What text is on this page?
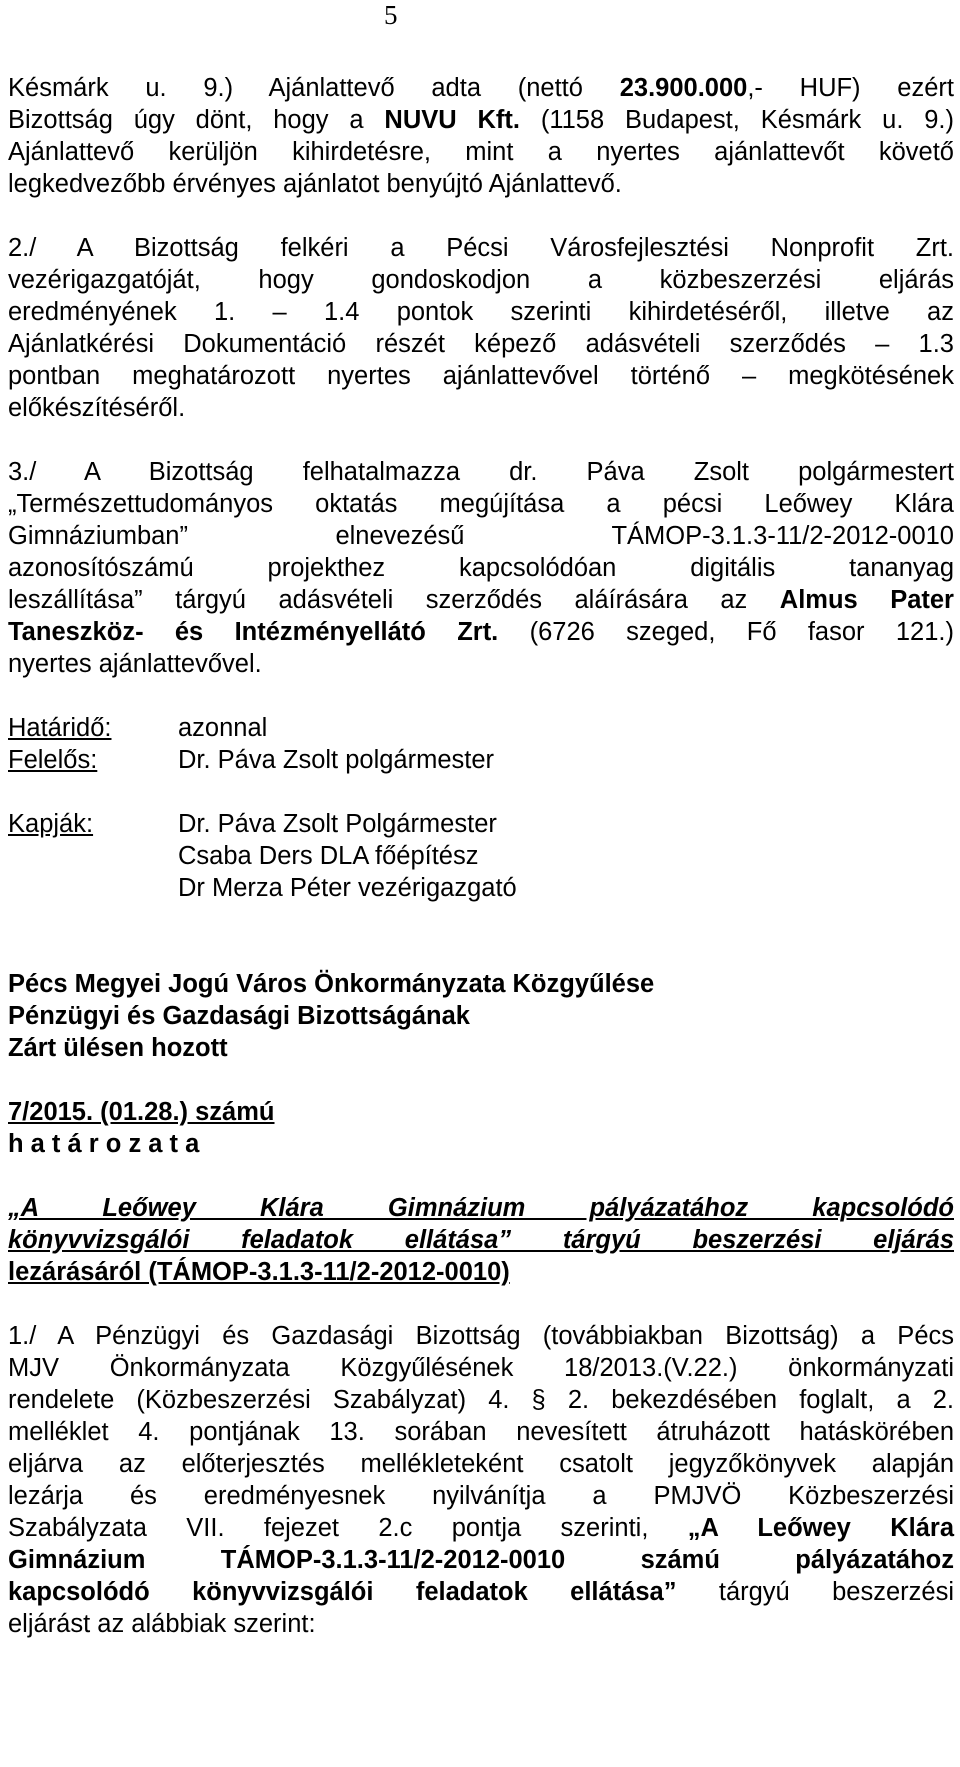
5
Késmárk u. 9.) Ajánlattevő adta (nettó 23.900.000,- HUF) ezért
Bizottság úgy dönt, hogy a NUVU Kft. (1158 Budapest, Késmárk u. 9.)
Ajánlattevő kerüljön kihirdetésre, mint a nyertes ajánlattevőt követő
legkedvezőbb érvényes ajánlatot benyújtó Ajánlattevő.
2./ A Bizottság felkéri a Pécsi Városfejlesztési Nonprofit Zrt.
vezérigazgatóját, hogy gondoskodjon a közbeszerzési eljárás
eredményének 1. – 1.4 pontok szerinti kihirdetéséről, illetve az
Ajánlatkérési Dokumentáció részét képező adásvételi szerződés – 1.3
pontban meghatározott nyertes ajánlattevővel történő – megkötésének
előkészítéséről.
3./ A Bizottság felhatalmazza dr. Páva Zsolt polgármestert
„Természettudományos oktatás megújítása a pécsi Leőwey Klára
Gimnáziumban” elnevezésű TÁMOP-3.1.3-11/2-2012-0010
azonosítószámú projekthez kapcsolódóan digitális tananyag
leszállítása” tárgyú adásvételi szerződés aláírására az Almus Pater
Taneszköz- és Intézményellátó Zrt. (6726 szeged, Fő fasor 121.)
nyertes ajánlattevővel.
Határidő:	azonnal
Felelős:	Dr. Páva Zsolt polgármester
Kapják:	Dr. Páva Zsolt Polgármester
Csaba Ders DLA főépítész
Dr Merza Péter vezérigazgató
Pécs Megyei Jogú Város Önkormányzata Közgyűlése
Pénzügyi és Gazdasági Bizottságának
Zárt ülésen hozott
7/2015. (01.28.) számú
h a t á r o z a t a
„A Leőwey Klára Gimnázium pályázatához kapcsolódó
könyvvizsgálói feladatok ellátása” tárgyú beszerzési eljárás
lezárásáról (TÁMOP-3.1.3-11/2-2012-0010)
1./ A Pénzügyi és Gazdasági Bizottság (továbbiakban Bizottság) a Pécs
MJV Önkormányzata Közgyűlésének 18/2013.(V.22.) önkormányzati
rendelete (Közbeszerzési Szabályzat) 4. § 2. bekezdésében foglalt, a 2.
melléklet 4. pontjának 13. sorában nevesített átruházott hatáskörében
eljárva az előterjesztés mellékleteként csatolt jegyzőkönyvek alapján
lezárja és eredményesnek nyilvánítja a PMJVÖ Közbeszerzési
Szabályzata VII. fejezet 2.c pontja szerinti, „A Leőwey Klára
Gimnázium TÁMOP-3.1.3-11/2-2012-0010 számú pályázatához
kapcsolódó könyvvizsgálói feladatok ellátása” tárgyú beszerzési
eljárást az alábbiak szerint:
